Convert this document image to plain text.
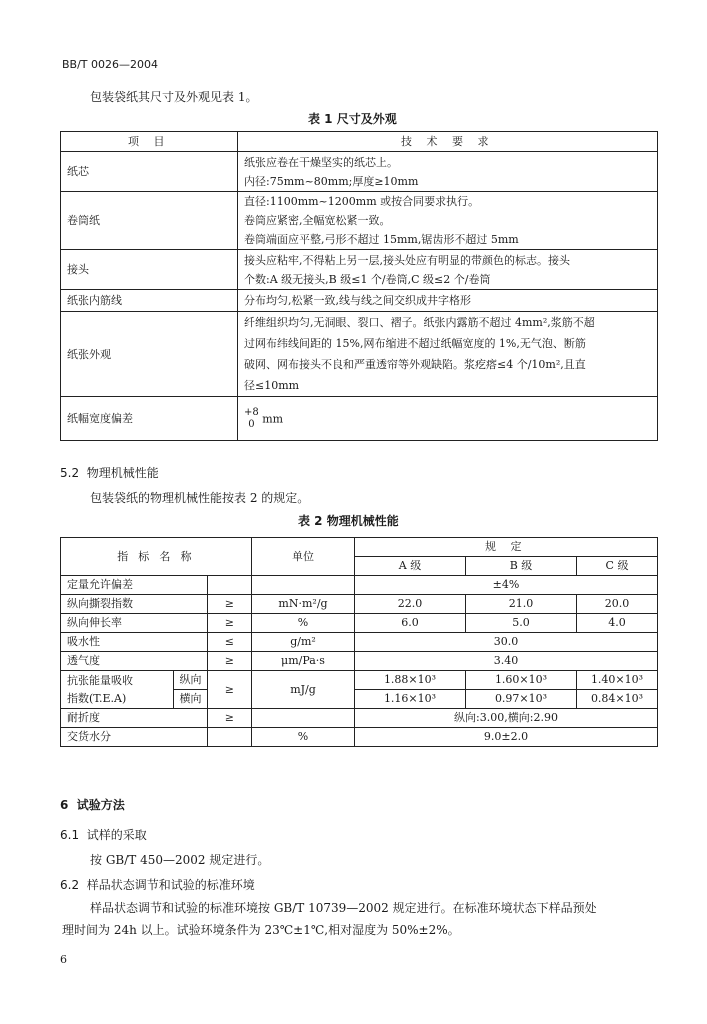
BB/T 0026—2004
包装袋纸其尺寸及外观见表 1。
表 1 尺寸及外观
项 目	技 术 要 求
纸芯	纸张应卷在干燥坚实的纸芯上。
内径:75mm~80mm;厚度≥10mm

卷筒纸	直径:1100mm~1200mm 或按合同要求执行。
卷筒应紧密,全幅宽松紧一致。
卷筒端面应平整,弓形不超过 15mm,锯齿形不超过 5mm

接头	接头应粘牢,不得粘上另一层,接头处应有明显的带颜色的标志。接头
个数:A 级无接头,B 级≤1 个/卷筒,C 级≤2 个/卷筒

纸张内筋线	分布均匀,松紧一致,线与线之间交织成井字格形

纸张外观	纤维组织均匀,无洞眼、裂口、褶子。纸张内露筋不超过 4mm²,浆筋不超
过网布纬线间距的 15%,网布缩进不超过纸幅宽度的 1%,无气泡、断筋
破网、网布接头不良和严重透帘等外观缺陷。浆疙瘩≤4 个/10m²,且直
径≤10mm

纸幅宽度偏差	+8
0 mm
5.2 物理机械性能
包装袋纸的物理机械性能按表 2 的规定。
表 2 物理机械性能
指 标 名 称			单位	规 定		
				A 级	B 级	C 级
定量允许偏差				±4%		
纵向撕裂指数		≥	mN·m²/g	22.0	21.0	20.0
纵向伸长率		≥	%	6.0	5.0	4.0
吸水性		≤	g/m²	30.0		
透气度		≥	μm/Pa·s	3.40		

抗张能量吸收
指数(T.E.A)	纵向	≥	mJ/g	1.88×10³	1.60×10³	1.40×10³
	横向			1.16×10³	0.97×10³	0.84×10³
耐折度		≥		纵向:3.00,横向:2.90		
交货水分			%	9.0±2.0		
6 试验方法
6.1 试样的采取
按 GB/T 450—2002 规定进行。
6.2 样品状态调节和试验的标准环境
样品状态调节和试验的标准环境按 GB/T 10739—2002 规定进行。在标准环境状态下样品预处
理时间为 24h 以上。试验环境条件为 23℃±1℃,相对湿度为 50%±2%。
6
